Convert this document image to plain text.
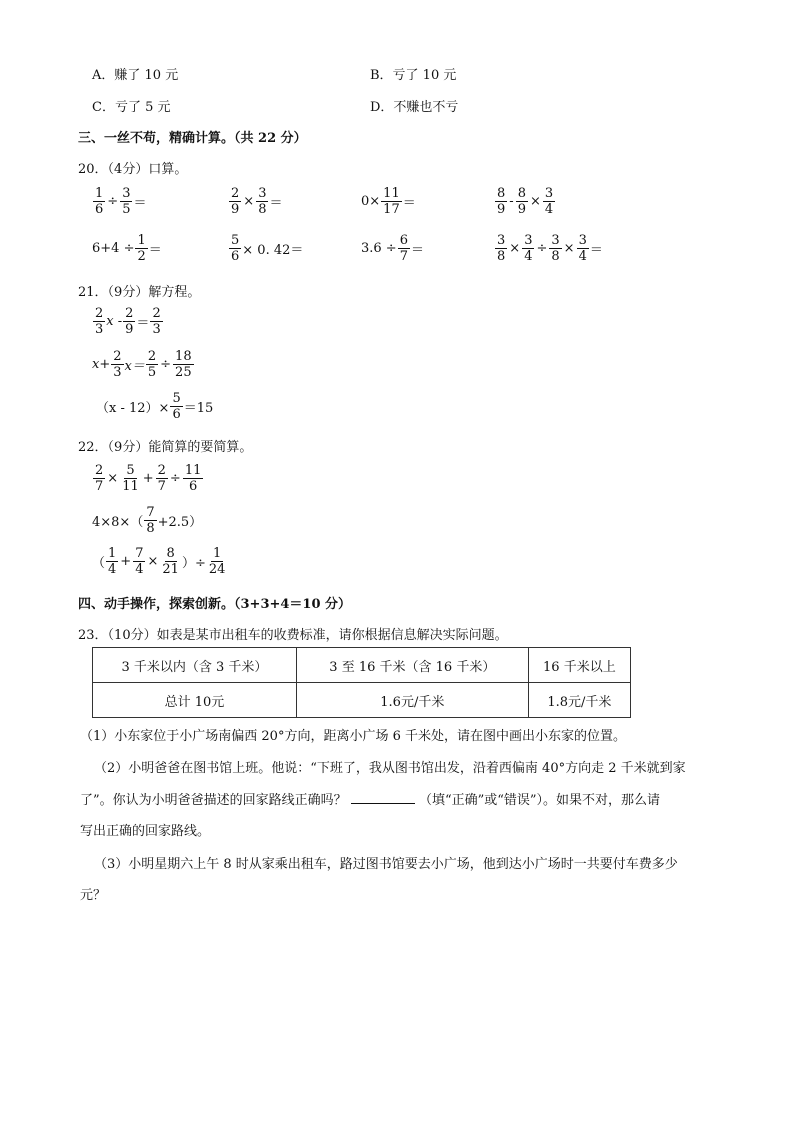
A．赚了 10 元	B．亏了 10 元
C．亏了 5 元	D．不赚也不亏
三、一丝不苟，精确计算。（共 22 分）
20．（4分）口算。
$\frac{1}{6} \div \frac{3}{5}$ ＝	$\frac{2}{9} \times \frac{3}{8}$ ＝	$0\times \frac{11}{17}$ ＝	$\frac{8}{9} - \frac{8}{9} \times \frac{3}{4}$
$6+4 \div \frac{1}{2}$ ＝	$\frac{5}{6} \times 0$. 42＝	$3.6 \div \frac{6}{7}$ ＝	$\frac{3}{8} \times \frac{3}{4} \div \frac{3}{8} \times \frac{3}{4}$ ＝
21．（9分）解方程。
$\frac{2}{3}$ $x - \frac{2}{9} = \frac{2}{3}$
$x+ \frac{2}{3} x= \frac{2}{5} \div \frac{18}{25}$
$(x - 12)\times \frac{5}{6} =15$
22．（9分）能简算的要简算。
$\frac{2}{7} \times \frac{5}{11} + \frac{2}{7} \div \frac{11}{6}$
$4\times 8\times( \frac{7}{8} +2.5)$
（ $\frac{1}{4} + \frac{7}{4} \times \frac{8}{21}$ ）÷ $\frac{1}{24}$
四、动手操作，探索创新。（3+3+4＝10 分）
23．（10分）如表是某市出租车的收费标准，请你根据信息解决实际问题。
3 千米以内（含 3 千米）	3 至 16 千米（含 16 千米）	16 千米以上
总计 10元	1.6元/千米	1.8元/千米
（1）小东家位于小广场南偏西 20°方向，距离小广场 6 千米处，请在图中画出小东家的位置。
（2）小明爸爸在图书馆上班。他说：“下班了，我从图书馆出发，沿着西偏南 40°方向走 2 千米就到家
了”。你认为小明爸爸描述的回家路线正确吗？	（填“正确”或“错误”）。如果不对，那么请
写出正确的回家路线。
（3）小明星期六上午 8 时从家乘出租车，路过图书馆要去小广场，他到达小广场时一共要付车费多少
元？
